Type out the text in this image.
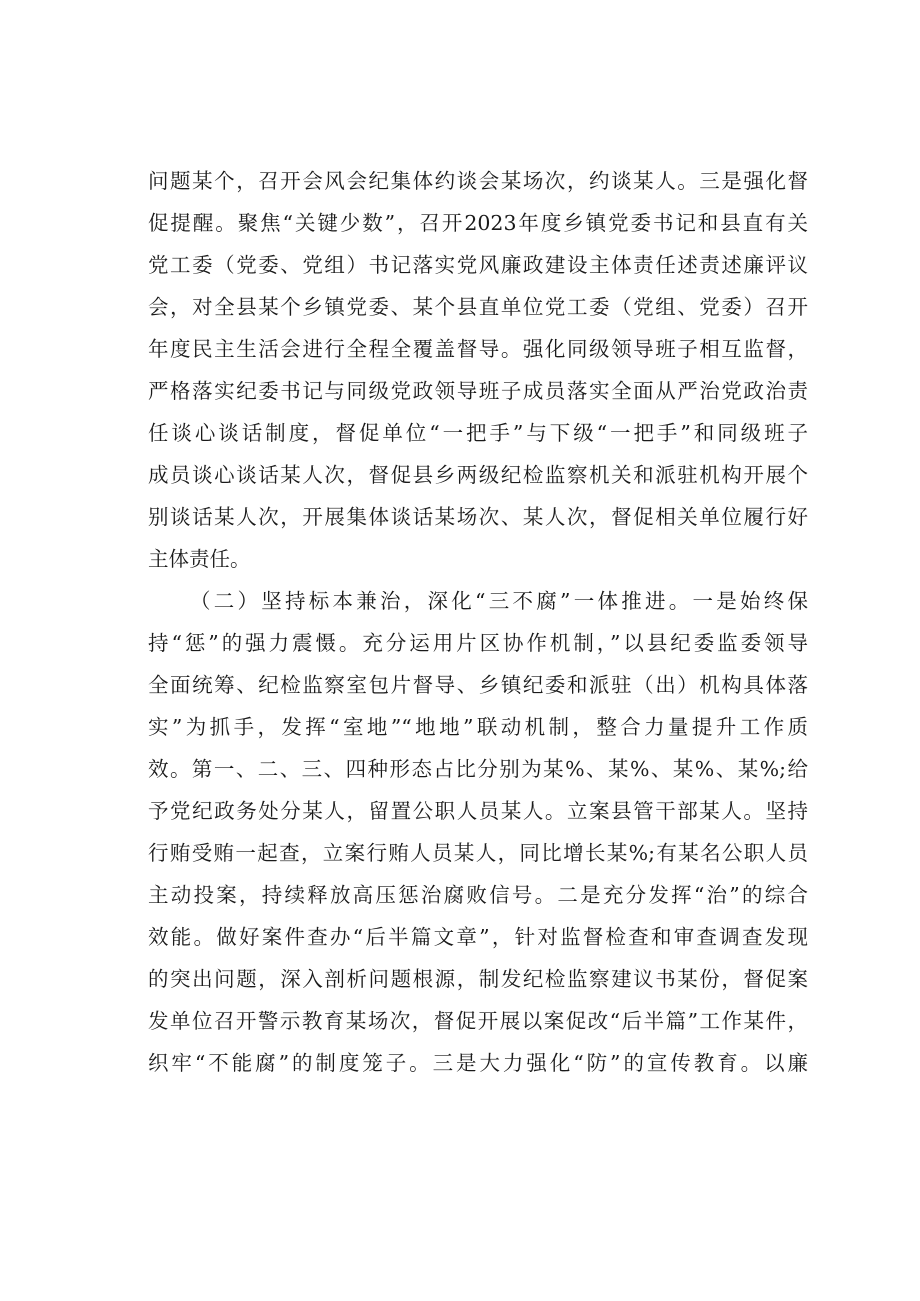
问题某个，召开会风会纪集体约谈会某场次，约谈某人。三是强化督
促提醒。聚焦“关键少数”，召开2023年度乡镇党委书记和县直有关
党工委（党委、党组）书记落实党风廉政建设主体责任述责述廉评议
会，对全县某个乡镇党委、某个县直单位党工委（党组、党委）召开
年度民主生活会进行全程全覆盖督导。强化同级领导班子相互监督，
严格落实纪委书记与同级党政领导班子成员落实全面从严治党政治责
任谈心谈话制度，督促单位“一把手”与下级“一把手”和同级班子
成员谈心谈话某人次，督促县乡两级纪检监察机关和派驻机构开展个
别谈话某人次，开展集体谈话某场次、某人次，督促相关单位履行好
主体责任。
（二）坚持标本兼治，深化“三不腐”一体推进。一是始终保
持“惩”的强力震慑。充分运用片区协作机制，”以县纪委监委领导
全面统筹、纪检监察室包片督导、乡镇纪委和派驻（出）机构具体落
实”为抓手，发挥“室地”“地地”联动机制，整合力量提升工作质
效。第一、二、三、四种形态占比分别为某%、某%、某%、某%;给
予党纪政务处分某人，留置公职人员某人。立案县管干部某人。坚持
行贿受贿一起查，立案行贿人员某人，同比增长某%;有某名公职人员
主动投案，持续释放高压惩治腐败信号。二是充分发挥“治”的综合
效能。做好案件查办“后半篇文章”，针对监督检查和审查调查发现
的突出问题，深入剖析问题根源，制发纪检监察建议书某份，督促案
发单位召开警示教育某场次，督促开展以案促改“后半篇”工作某件，
织牢“不能腐”的制度笼子。三是大力强化“防”的宣传教育。以廉
